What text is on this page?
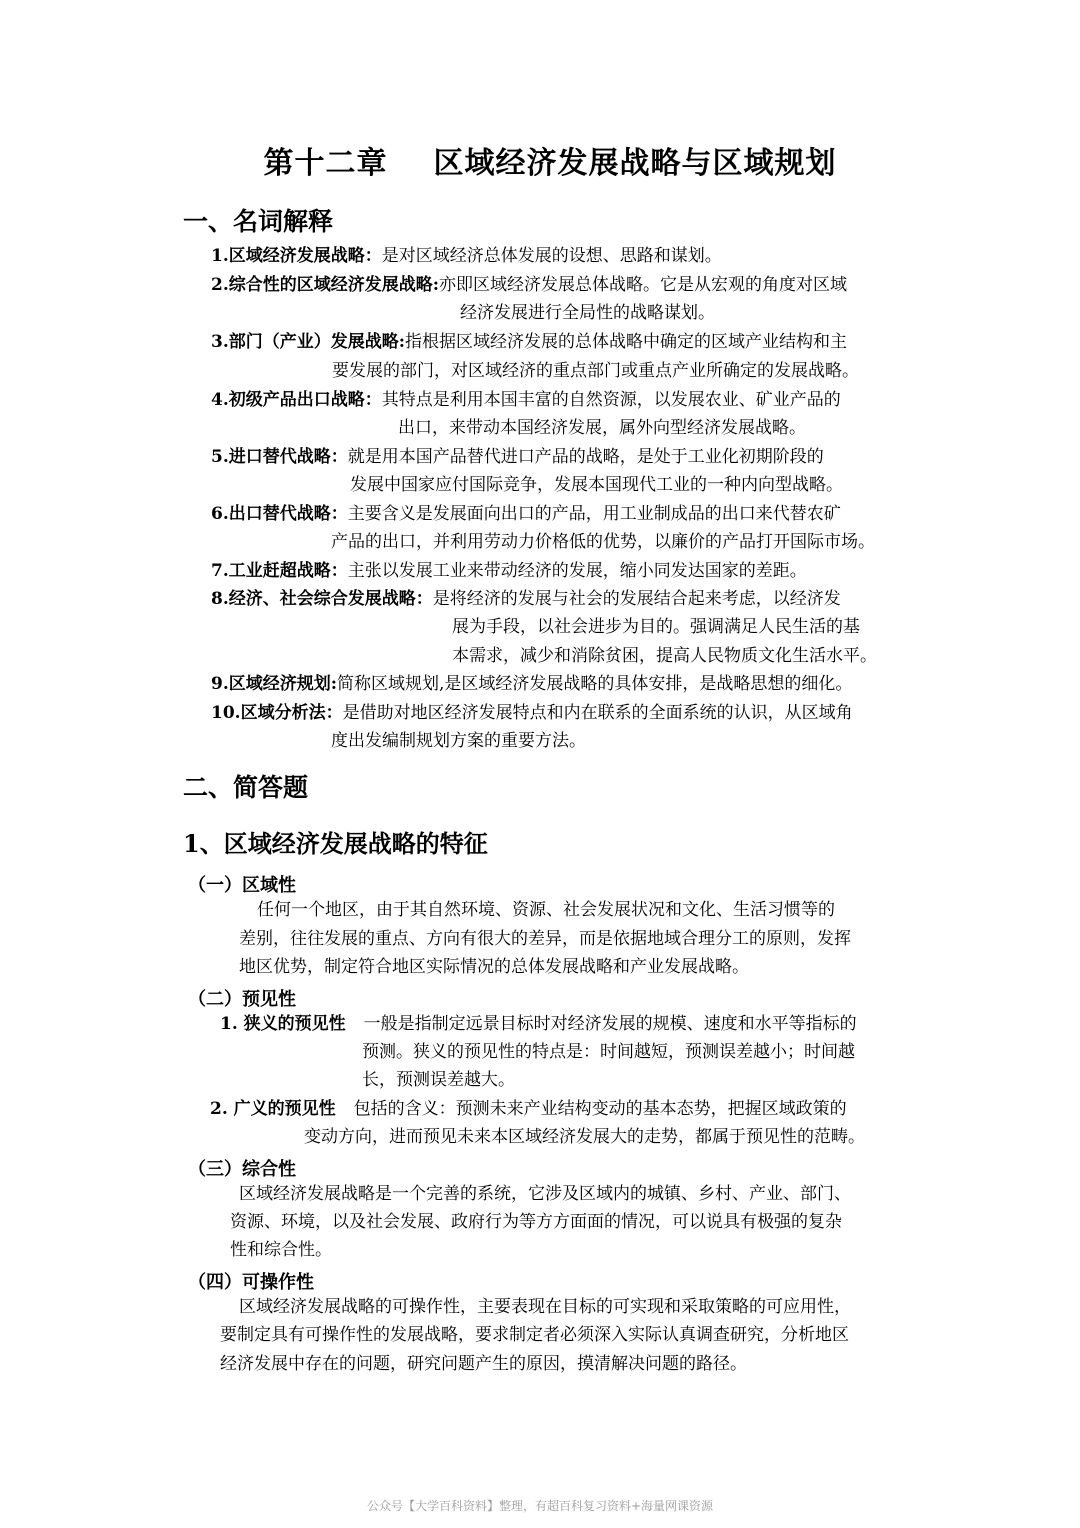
第十二章 区域经济发展战略与区域规划
一、名词解释
1.区域经济发展战略：是对区域经济总体发展的设想、思路和谋划。
2.综合性的区域经济发展战略:亦即区域经济发展总体战略。它是从宏观的角度对区域
经济发展进行全局性的战略谋划。
3.部门（产业）发展战略:指根据区域经济发展的总体战略中确定的区域产业结构和主
要发展的部门，对区域经济的重点部门或重点产业所确定的发展战略。
4.初级产品出口战略：其特点是利用本国丰富的自然资源，以发展农业、矿业产品的
出口，来带动本国经济发展，属外向型经济发展战略。
5.进口替代战略：就是用本国产品替代进口产品的战略，是处于工业化初期阶段的
发展中国家应付国际竞争，发展本国现代工业的一种内向型战略。
6.出口替代战略：主要含义是发展面向出口的产品，用工业制成品的出口来代替农矿
产品的出口，并利用劳动力价格低的优势，以廉价的产品打开国际市场。
7.工业赶超战略：主张以发展工业来带动经济的发展，缩小同发达国家的差距。
8.经济、社会综合发展战略：是将经济的发展与社会的发展结合起来考虑，以经济发
展为手段，以社会进步为目的。强调满足人民生活的基
本需求，减少和消除贫困，提高人民物质文化生活水平。
9.区域经济规划:简称区域规划,是区域经济发展战略的具体安排，是战略思想的细化。
10.区域分析法：是借助对地区经济发展特点和内在联系的全面系统的认识，从区域角
度出发编制规划方案的重要方法。
二、简答题
1、区域经济发展战略的特征
（一）区域性
任何一个地区，由于其自然环境、资源、社会发展状况和文化、生活习惯等的
差别，往往发展的重点、方向有很大的差异，而是依据地域合理分工的原则，发挥
地区优势，制定符合地区实际情况的总体发展战略和产业发展战略。
（二）预见性
1. 狭义的预见性 一般是指制定远景目标时对经济发展的规模、速度和水平等指标的
预测。狭义的预见性的特点是：时间越短，预测误差越小；时间越
长，预测误差越大。
2. 广义的预见性 包括的含义：预测未来产业结构变动的基本态势，把握区域政策的
变动方向，进而预见未来本区域经济发展大的走势，都属于预见性的范畴。
（三）综合性
区域经济发展战略是一个完善的系统，它涉及区域内的城镇、乡村、产业、部门、
资源、环境，以及社会发展、政府行为等方方面面的情况，可以说具有极强的复杂
性和综合性。
（四）可操作性
区域经济发展战略的可操作性，主要表现在目标的可实现和采取策略的可应用性，
要制定具有可操作性的发展战略，要求制定者必须深入实际认真调查研究，分析地区
经济发展中存在的问题，研究问题产生的原因，摸清解决问题的路径。
公众号【大学百科资料】整理，有超百科复习资料+海量网课资源
